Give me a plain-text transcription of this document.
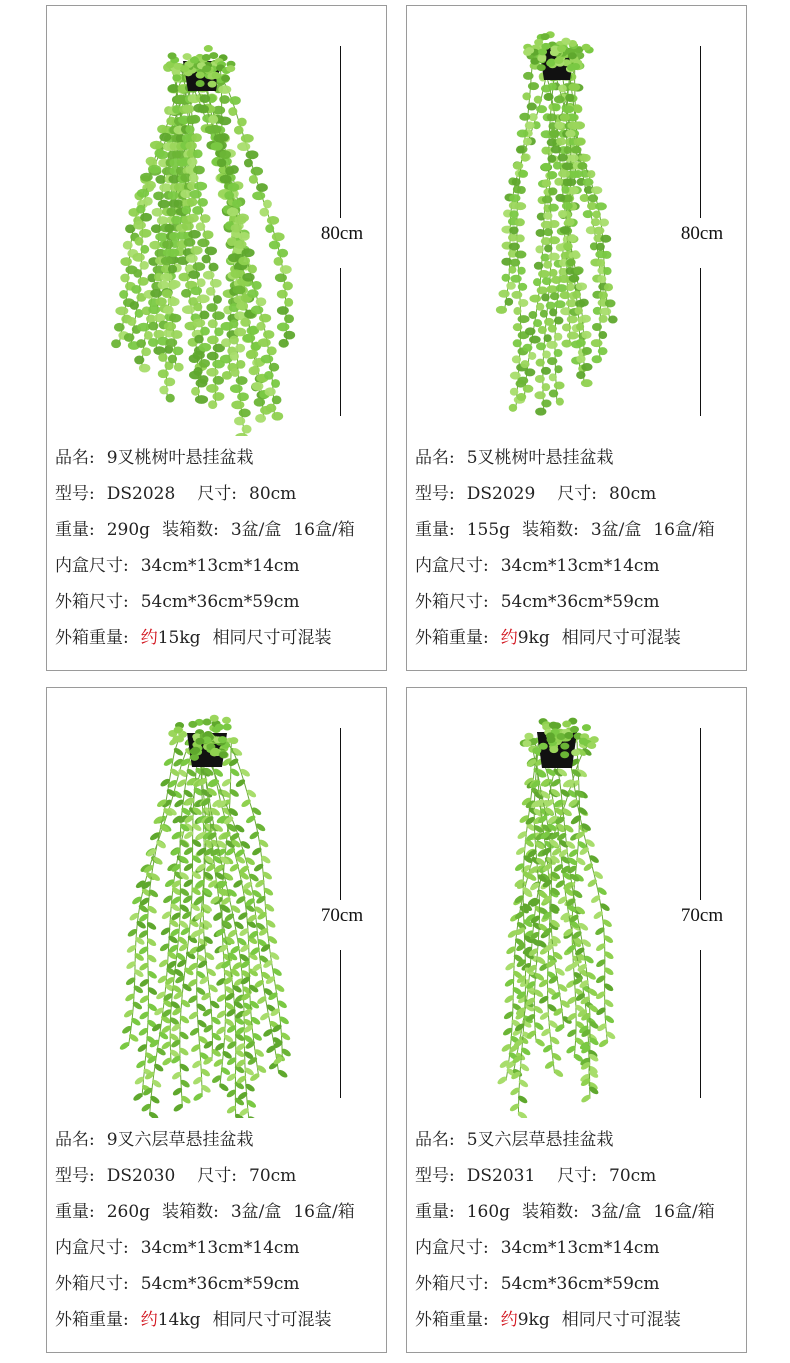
80cm
品名: 9叉桃树叶悬挂盆栽
型号: DS2028 尺寸: 80cm
重量: 290g 装箱数: 3盆/盒 16盒/箱
内盒尺寸: 34cm*13cm*14cm
外箱尺寸: 54cm*36cm*59cm
外箱重量: 约15kg 相同尺寸可混装
80cm
品名: 5叉桃树叶悬挂盆栽
型号: DS2029 尺寸: 80cm
重量: 155g 装箱数: 3盆/盒 16盒/箱
内盒尺寸: 34cm*13cm*14cm
外箱尺寸: 54cm*36cm*59cm
外箱重量: 约9kg 相同尺寸可混装
70cm
品名: 9叉六层草悬挂盆栽
型号: DS2030 尺寸: 70cm
重量: 260g 装箱数: 3盆/盒 16盒/箱
内盒尺寸: 34cm*13cm*14cm
外箱尺寸: 54cm*36cm*59cm
外箱重量: 约14kg 相同尺寸可混装
70cm
品名: 5叉六层草悬挂盆栽
型号: DS2031 尺寸: 70cm
重量: 160g 装箱数: 3盆/盒 16盒/箱
内盒尺寸: 34cm*13cm*14cm
外箱尺寸: 54cm*36cm*59cm
外箱重量: 约9kg 相同尺寸可混装
